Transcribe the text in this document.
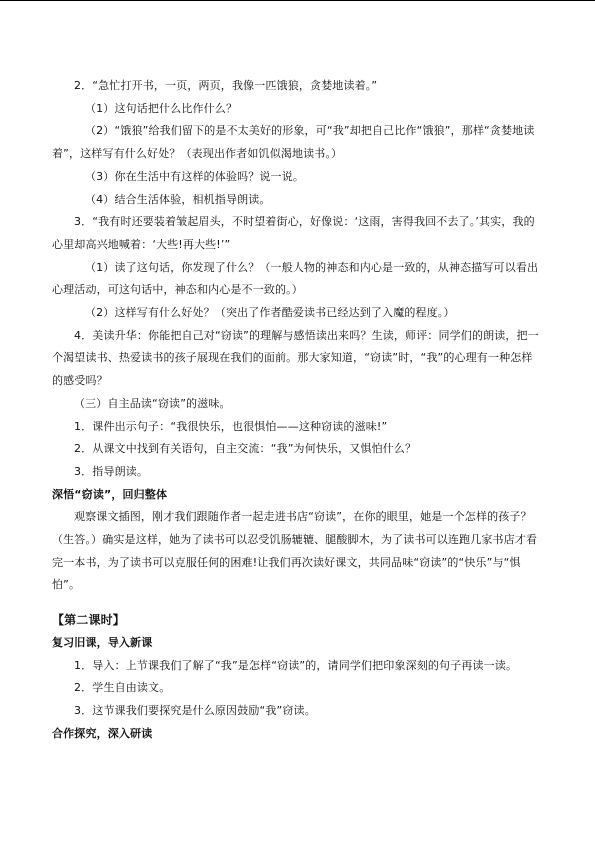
2．“急忙打开书，一页，两页，我像一匹饿狼，贪婪地读着。”

（1）这句话把什么比作什么？

（2）“饿狼”给我们留下的是不太美好的形象，可“我”却把自己比作“饿狼”，那样“贪婪地读着”，这样写有什么好处？（表现出作者如饥似渴地读书。）

（3）你在生活中有这样的体验吗？说一说。

（4）结合生活体验，相机指导朗读。

3．“我有时还要装着皱起眉头，不时望着街心，好像说：‘这雨，害得我回不去了。’其实，我的心里却高兴地喊着：‘大些!再大些!’”

（1）读了这句话，你发现了什么？（一般人物的神态和内心是一致的，从神态描写可以看出心理活动，可这句话中，神态和内心是不一致的。）

（2）这样写有什么好处？（突出了作者酷爱读书已经达到了入魔的程度。）

4．美读升华：你能把自己对“窃读”的理解与感悟读出来吗？生读，师评：同学们的朗读，把一个渴望读书、热爱读书的孩子展现在我们的面前。那大家知道，“窃读”时，“我”的心理有一种怎样的感受吗？

（三）自主品读“窃读”的滋味。

1．课件出示句子：“我很快乐，也很惧怕——这种窃读的滋味!”

2．从课文中找到有关语句，自主交流：“我”为何快乐，又惧怕什么？

3．指导朗读。

深悟“窃读”，回归整体

观察课文插图，刚才我们跟随作者一起走进书店“窃读”，在你的眼里，她是一个怎样的孩子？（生答。）确实是这样，她为了读书可以忍受饥肠辘辘、腿酸脚木，为了读书可以连跑几家书店才看完一本书，为了读书可以克服任何的困难!让我们再次读好课文，共同品味“窃读”的“快乐”与“惧怕”。

【第二课时】

复习旧课，导入新课

1．导入：上节课我们了解了“我”是怎样“窃读”的，请同学们把印象深刻的句子再读一读。

2．学生自由读文。

3．这节课我们要探究是什么原因鼓励“我”窃读。

合作探究，深入研读
